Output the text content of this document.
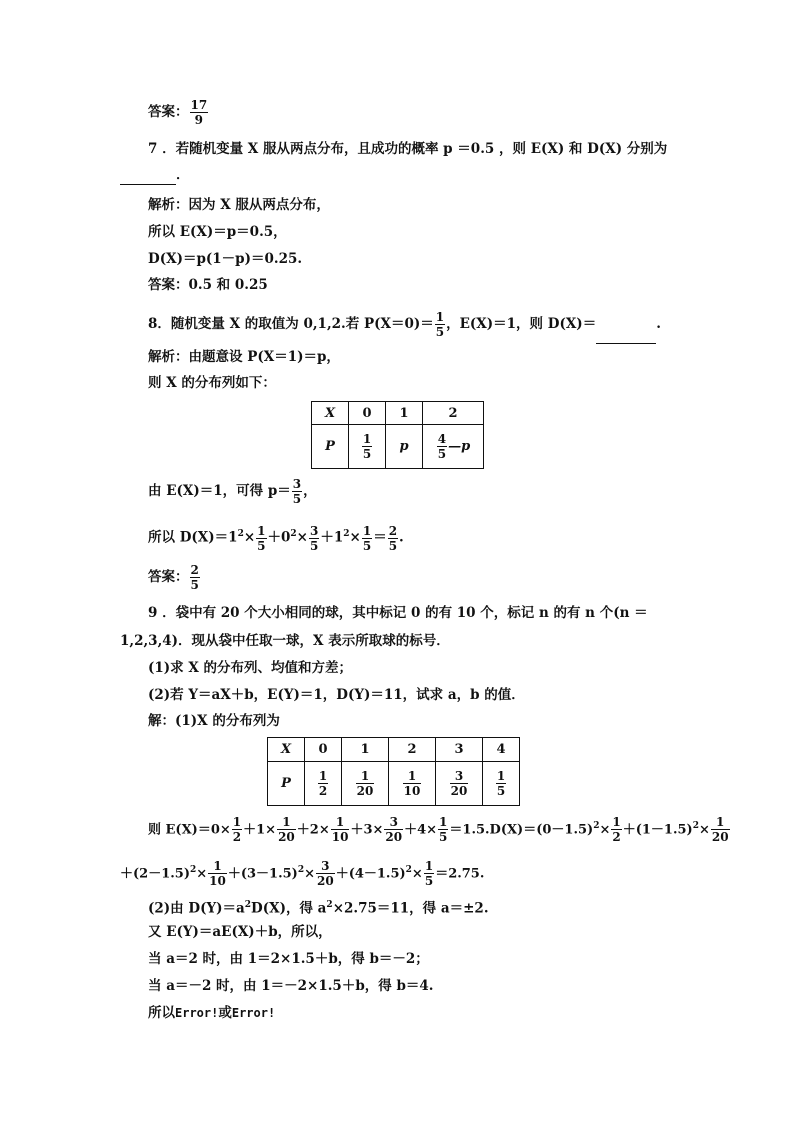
答案： $\frac{17}{9}$
7 ．若随机变量 X 服从两点分布，且成功的概率 p ＝0.5 ，则 E(X) 和 D(X) 分别为
．
解析：因为 X 服从两点分布，
所以 E(X)＝p＝0.5，
D(X)＝p(1－p)＝0.25.
答案：0.5 和 0.25
8．随机变量 X 的取值为 0,1,2.若 $P(X=0)= \frac{1}{5}$ ，E(X)＝1，则 D(X)＝	.
解析：由题意设 P(X＝1)＝p，
则 X 的分布列如下：
X	0	1	2
P	$\frac{1}{5}$	p	$\frac{4}{5}$ —p
由 E(X)＝1，可得 $p= \frac{3}{5}$ ，
所以 $D(X)=1^2\times \frac{1}{5} +0^2\times \frac{3}{5} +1^2\times \frac{1}{5} = \frac{2}{5}$ .
答案： $\frac{2}{5}$
9 ．袋中有 20 个大小相同的球，其中标记 0 的有 10 个，标记 n 的有 n 个(n ＝
1,2,3,4)．现从袋中任取一球，X 表示所取球的标号．
(1)求 X 的分布列、均值和方差；
(2)若 Y＝aX＋b，E(Y)＝1，D(Y)＝11，试求 a，b 的值．
解：(1)X 的分布列为
X	0	1	2	3	4
P	$\frac{1}{2}$	$\frac{1}{20}$	$\frac{1}{10}$	$\frac{3}{20}$	$\frac{1}{5}$
则 $E(X)=0\times \frac{1}{2} +1\times \frac{1}{20} +2\times \frac{1}{10} +3\times \frac{3}{20} +4\times \frac{1}{5} =1.5.D(X)=(0-1.5)^2\times \frac{1}{2} +(1-1.5)^2\times \frac{1}{20}$
$+(2-1.5)^2\times \frac{1}{10} +(3-1.5)^2\times \frac{3}{20} +(4-1.5)^2\times \frac{1}{5} =2.75$.
(2)由 $D(Y)=a^2D(X)$，得 $a^2\times 2.75=11$，得 a＝±2.
又 E(Y)＝aE(X)＋b，所以，
当 a＝2 时，由 1＝2×1.5＋b，得 b＝－2；
当 a＝－2 时，由 1＝－2×1.5＋b，得 b＝4.
所以Error!或Error!
